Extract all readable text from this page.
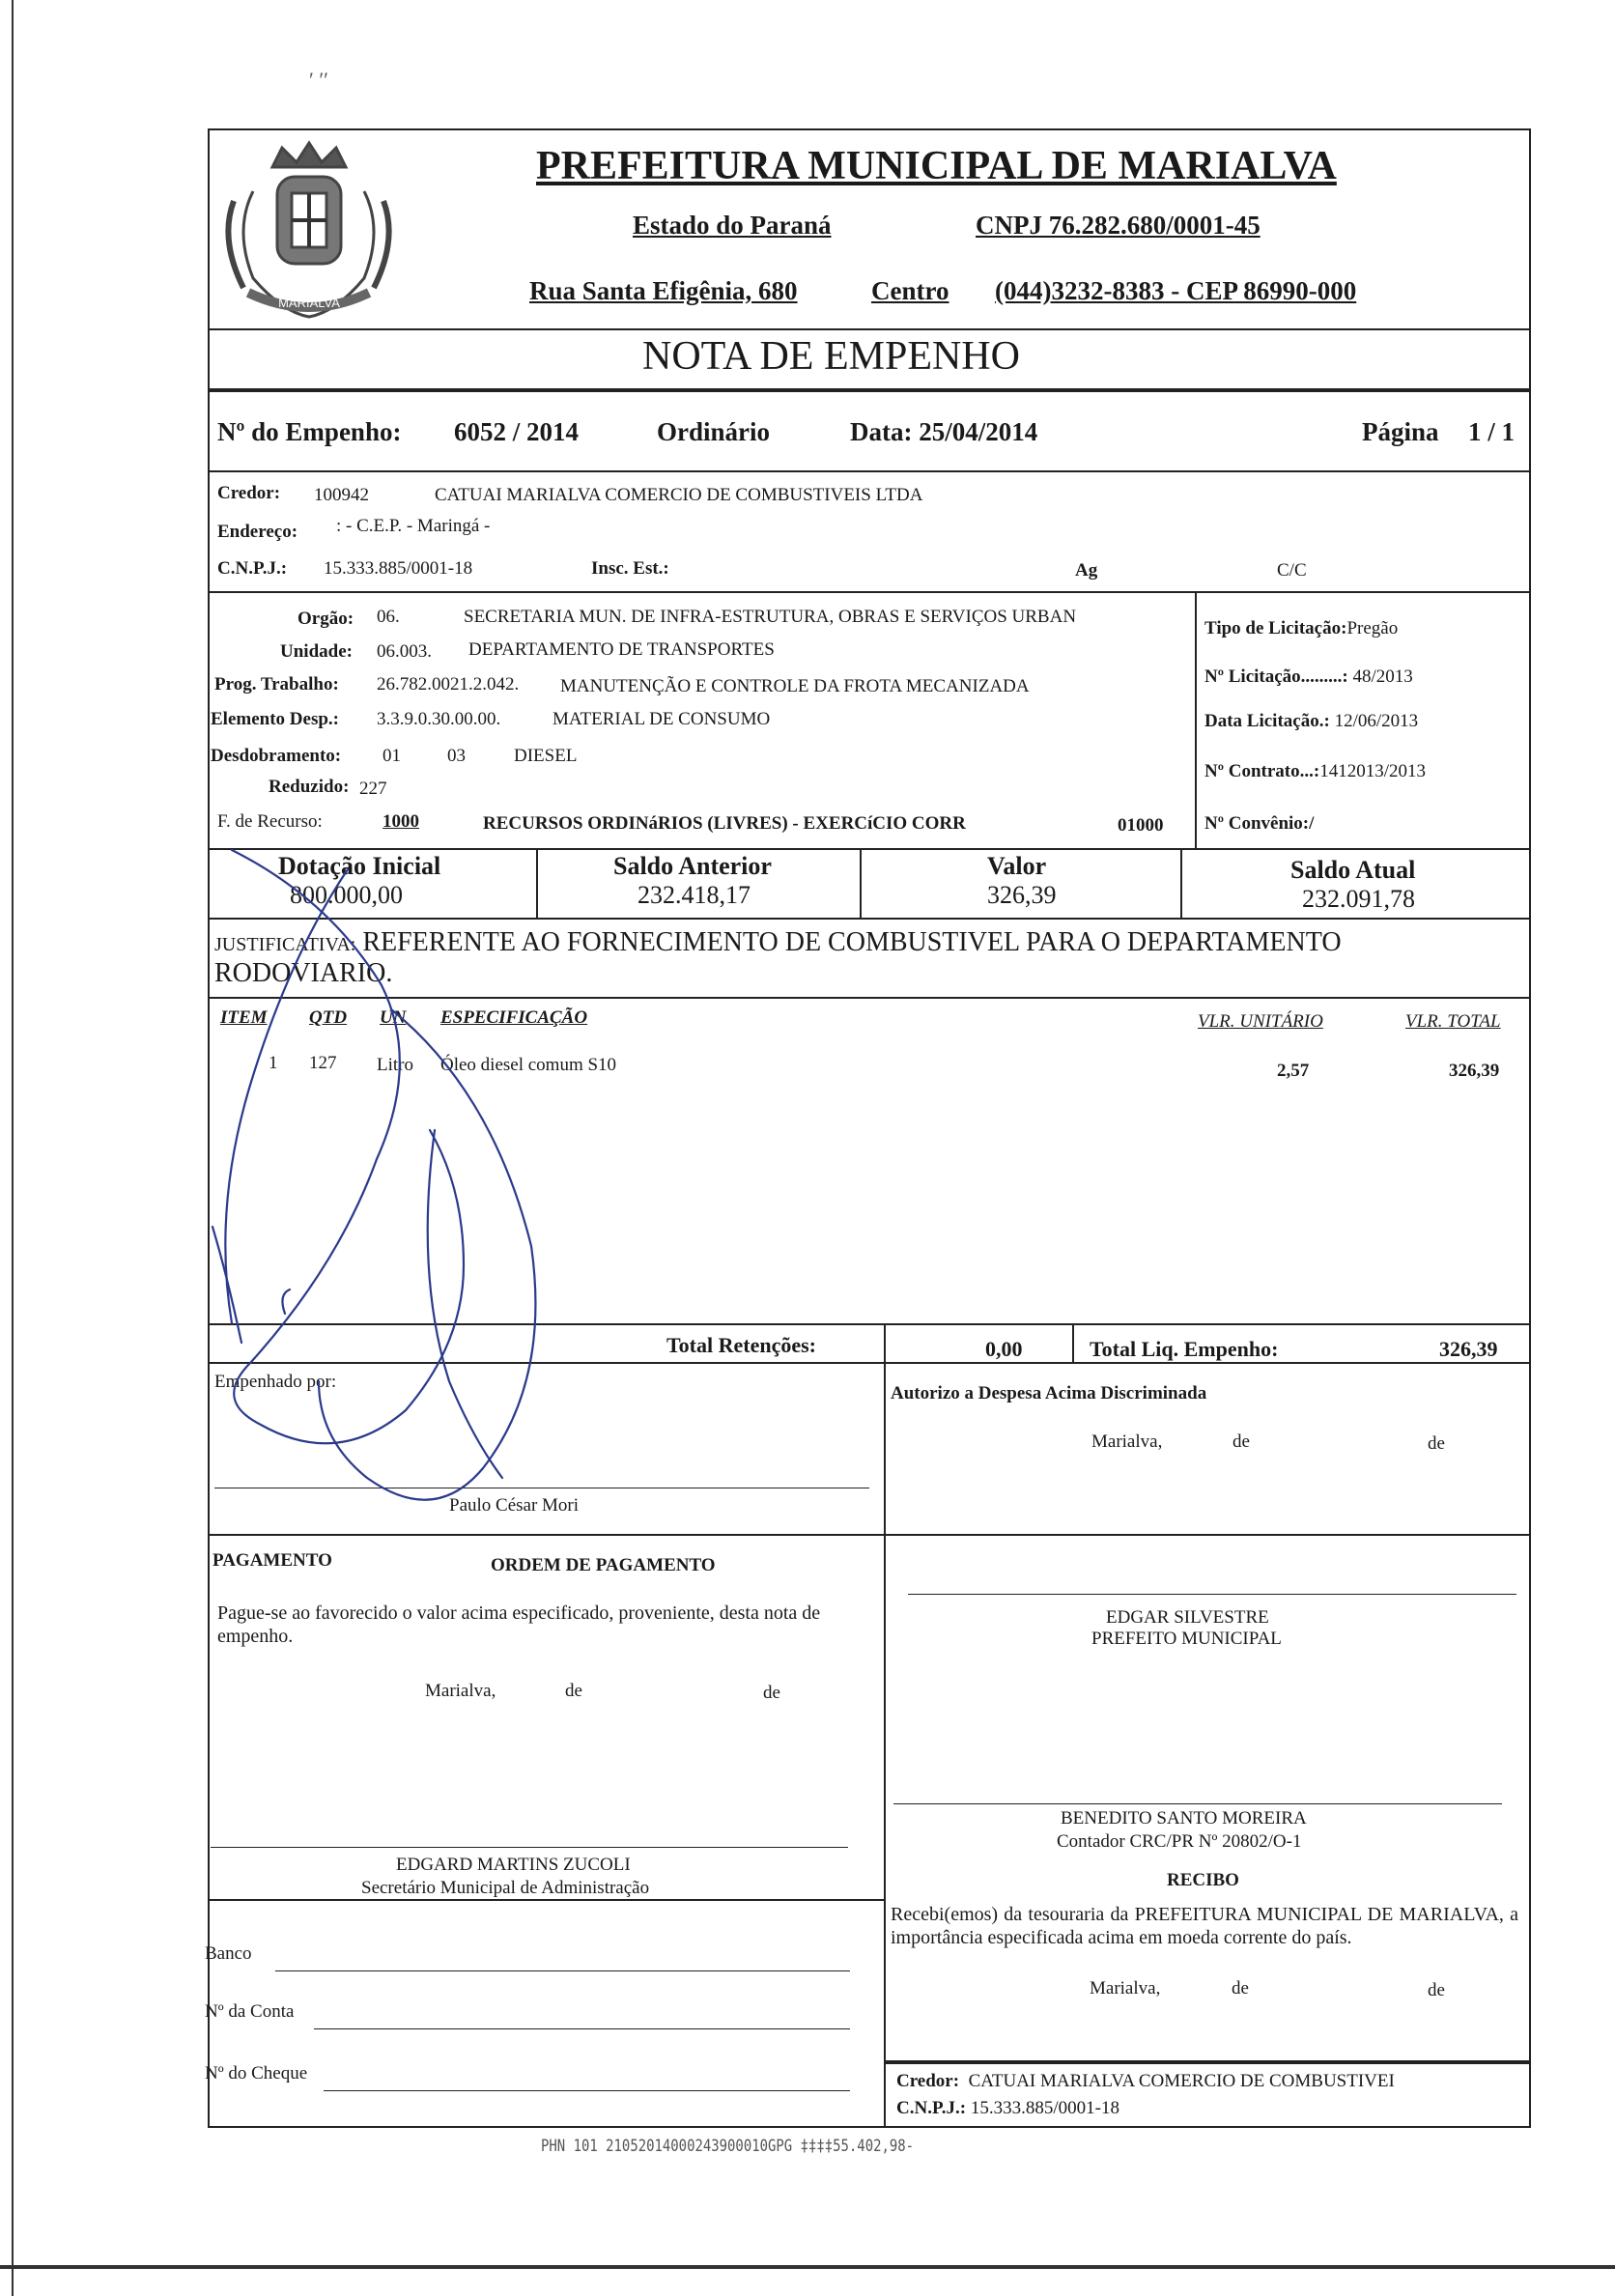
′ ′′
MARIALVA
PREFEITURA MUNICIPAL DE MARIALVA
Estado do Paraná	CNPJ 76.282.680/0001-45
Rua Santa Efigênia, 680	Centro (044)3232-8383 - CEP 86990-000
NOTA DE EMPENHO
Nº do Empenho: 6052 / 2014	Ordinário	Data: 25/04/2014	Página 1 / 1
Credor: 100942	CATUAI MARIALVA COMERCIO DE COMBUSTIVEIS LTDA
Endereço: : - C.E.P. - Maringá -
C.N.P.J.: 15.333.885/0001-18	Insc. Est.:	Ag	C/C
Orgão: 06.	SECRETARIA MUN. DE INFRA-ESTRUTURA, OBRAS E SERVIÇOS URBAN
Unidade: 06.003. DEPARTAMENTO DE TRANSPORTES
Prog. Trabalho: 26.782.0021.2.042. MANUTENÇÃO E CONTROLE DA FROTA MECANIZADA
Elemento Desp.: 3.3.9.0.30.00.00.	MATERIAL DE CONSUMO
Desdobramento: 01	03	DIESEL
Reduzido: 227
F. de Recurso:	1000	RECURSOS ORDINáRIOS (LIVRES) - EXERCíCIO CORR	01000
Tipo de Licitação:Pregão
Nº Licitação.........: 48/2013
Data Licitação.: 12/06/2013
Nº Contrato...:1412013/2013
Nº Convênio:/
Dotação Inicial
800.000,00
Saldo Anterior
232.418,17
Valor
326,39
Saldo Atual
232.091,78
JUSTIFICATIVA: REFERENTE AO FORNECIMENTO DE COMBUSTIVEL PARA O DEPARTAMENTO
RODOVIARIO.
ITEM QTD UN ESPECIFICAÇÃO	VLR. UNITÁRIO	VLR. TOTAL
1 127 Litro Óleo diesel comum S10	2,57	326,39
Total Retenções:	0,00	Total Liq. Empenho:	326,39
Empenhado por:
Paulo César Mori
Autorizo a Despesa Acima Discriminada
Marialva,	de	de
PAGAMENTO	ORDEM DE PAGAMENTO
Pague-se ao favorecido o valor acima especificado, proveniente, desta nota de empenho.
Marialva,	de	de
EDGAR SILVESTRE
PREFEITO MUNICIPAL
BENEDITO SANTO MOREIRA
Contador CRC/PR Nº 20802/O-1
EDGARD MARTINS ZUCOLI
Secretário Municipal de Administração	RECIBO
Recebi(emos) da tesouraria da PREFEITURA MUNICIPAL DE MARIALVA, a importância especificada acima em moeda corrente do país.
Marialva,	de	de
Banco
Nº da Conta
Nº do Cheque	Credor: CATUAI MARIALVA COMERCIO DE COMBUSTIVEI
C.N.P.J.: 15.333.885/0001-18
PHN 101 21052014000243900010GPG ‡‡‡‡55.402,98-
